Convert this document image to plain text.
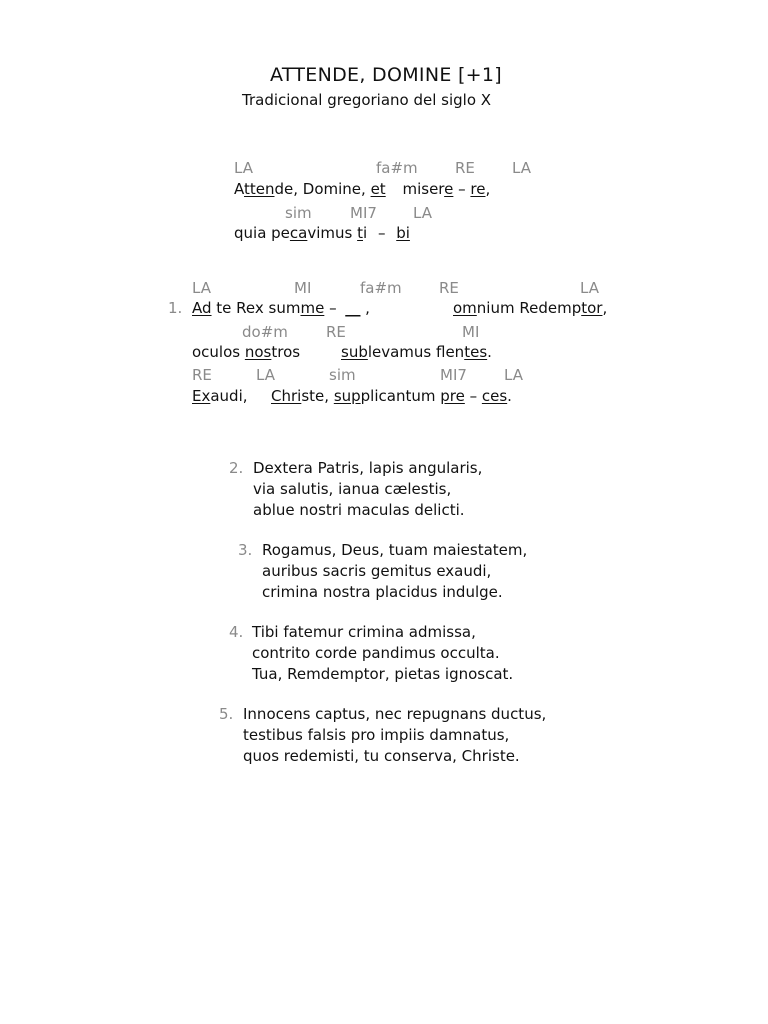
ATTENDE, DOMINE [+1]
Tradicional gregoriano del siglo X
LA	fa#m RE LA
Attende, Domine, et misere – re,
sim	MI7 LA
quia pecavimus ti – bi
LA	MI	fa#m RE	LA
1. Ad te Rex summe – __ ,	omnium Redemptor,
do#m	RE	MI
oculos nostros	sublevamus flentes.
RE	LA	sim	MI7 LA
Exaudi, Christe, supplicantum pre – ces.
2. Dextera Patris, lapis angularis,
via salutis, ianua cælestis,
ablue nostri maculas delicti.
3. Rogamus, Deus, tuam maiestatem,
auribus sacris gemitus exaudi,
crimina nostra placidus indulge.
4. Tibi fatemur crimina admissa,
contrito corde pandimus occulta.
Tua, Remdemptor, pietas ignoscat.
5. Innocens captus, nec repugnans ductus,
testibus falsis pro impiis damnatus,
quos redemisti, tu conserva, Christe.
